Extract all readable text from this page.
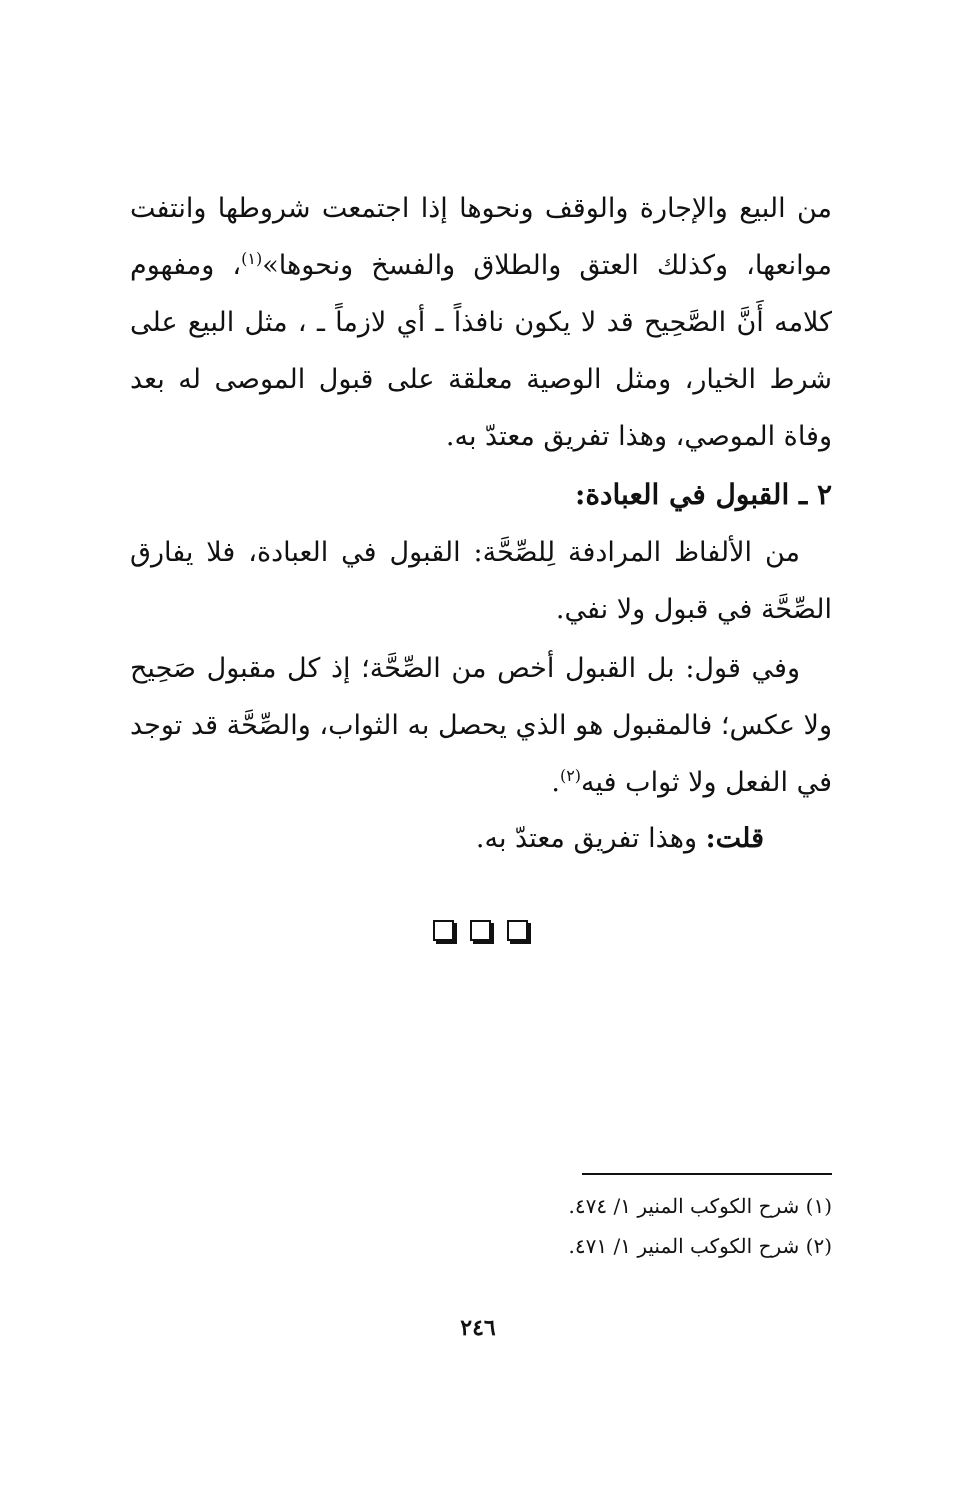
من البيع والإجارة والوقف ونحوها إذا اجتمعت شروطها وانتفت موانعها، وكذلك العتق والطلاق والفسخ ونحوها»$^{(١)}$، ومفهوم كلامه أَنَّ الصَّحِيح قد لا يكون نافذاً ـ أي لازماً ـ ، مثل البيع على شرط الخيار، ومثل الوصية معلقة على قبول الموصى له بعد وفاة الموصي، وهذا تفريق معتدّ به.
٢ ـ القبول في العبادة:
من الألفاظ المرادفة لِلصِّحَّة: القبول في العبادة، فلا يفارق الصِّحَّة في قبول ولا نفي.
وفي قول: بل القبول أخص من الصِّحَّة؛ إذ كل مقبول صَحِيح ولا عكس؛ فالمقبول هو الذي يحصل به الثواب، والصِّحَّة قد توجد في الفعل ولا ثواب فيه$^{(٢)}$.
قلت: وهذا تفريق معتدّ به.
(١) شرح الكوكب المنير ١/ ٤٧٤.
(٢) شرح الكوكب المنير ١/ ٤٧١.
٢٤٦
